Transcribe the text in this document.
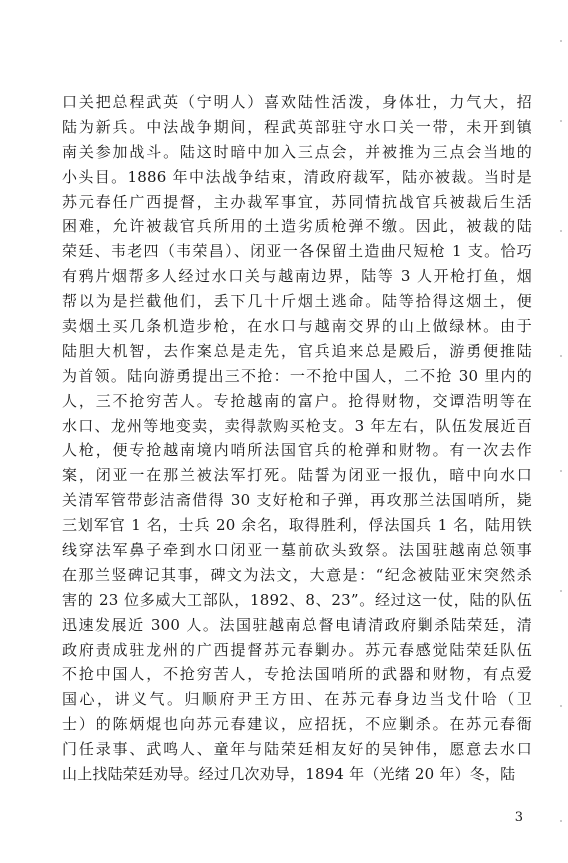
口关把总程武英（宁明人）喜欢陆性活泼，身体壮，力气大，招
陆为新兵。中法战争期间，程武英部驻守水口关一带，未开到镇
南关参加战斗。陆这时暗中加入三点会，并被推为三点会当地的
小头目。1886 年中法战争结束，清政府裁军，陆亦被裁。当时是
苏元春任广西提督，主办裁军事宜，苏同情抗战官兵被裁后生活
困难，允许被裁官兵所用的土造劣质枪弹不缴。因此，被裁的陆
荣廷、韦老四（韦荣昌）、闭亚一各保留土造曲尺短枪 1 支。恰巧
有鸦片烟帮多人经过水口关与越南边界，陆等 3 人开枪打鱼，烟
帮以为是拦截他们，丢下几十斤烟土逃命。陆等拾得这烟土，便
卖烟土买几条机造步枪，在水口与越南交界的山上做绿林。由于
陆胆大机智，去作案总是走先，官兵追来总是殿后，游勇便推陆
为首领。陆向游勇提出三不抢：一不抢中国人，二不抢 30 里内的
人，三不抢穷苦人。专抢越南的富户。抢得财物，交谭浩明等在
水口、龙州等地变卖，卖得款购买枪支。3 年左右，队伍发展近百
人枪，便专抢越南境内哨所法国官兵的枪弹和财物。有一次去作
案，闭亚一在那兰被法军打死。陆誓为闭亚一报仇，暗中向水口
关清军管带彭洁斋借得 30 支好枪和子弹，再攻那兰法国哨所，毙
三划军官 1 名，士兵 20 余名，取得胜利，俘法国兵 1 名，陆用铁
线穿法军鼻子牵到水口闭亚一墓前砍头致祭。法国驻越南总领事
在那兰竖碑记其事，碑文为法文，大意是：“纪念被陆亚宋突然杀
害的 23 位多威大工部队，1892、8、23”。经过这一仗，陆的队伍
迅速发展近 300 人。法国驻越南总督电请清政府剿杀陆荣廷，清
政府责成驻龙州的广西提督苏元春剿办。苏元春感觉陆荣廷队伍
不抢中国人，不抢穷苦人，专抢法国哨所的武器和财物，有点爱
国心，讲义气。归顺府尹王方田、在苏元春身边当戈什哈（卫
士）的陈炳焜也向苏元春建议，应招抚，不应剿杀。在苏元春衙
门任录事、武鸣人、童年与陆荣廷相友好的吴钟伟，愿意去水口
山上找陆荣廷劝导。经过几次劝导，1894 年（光绪 20 年）冬，陆
3
